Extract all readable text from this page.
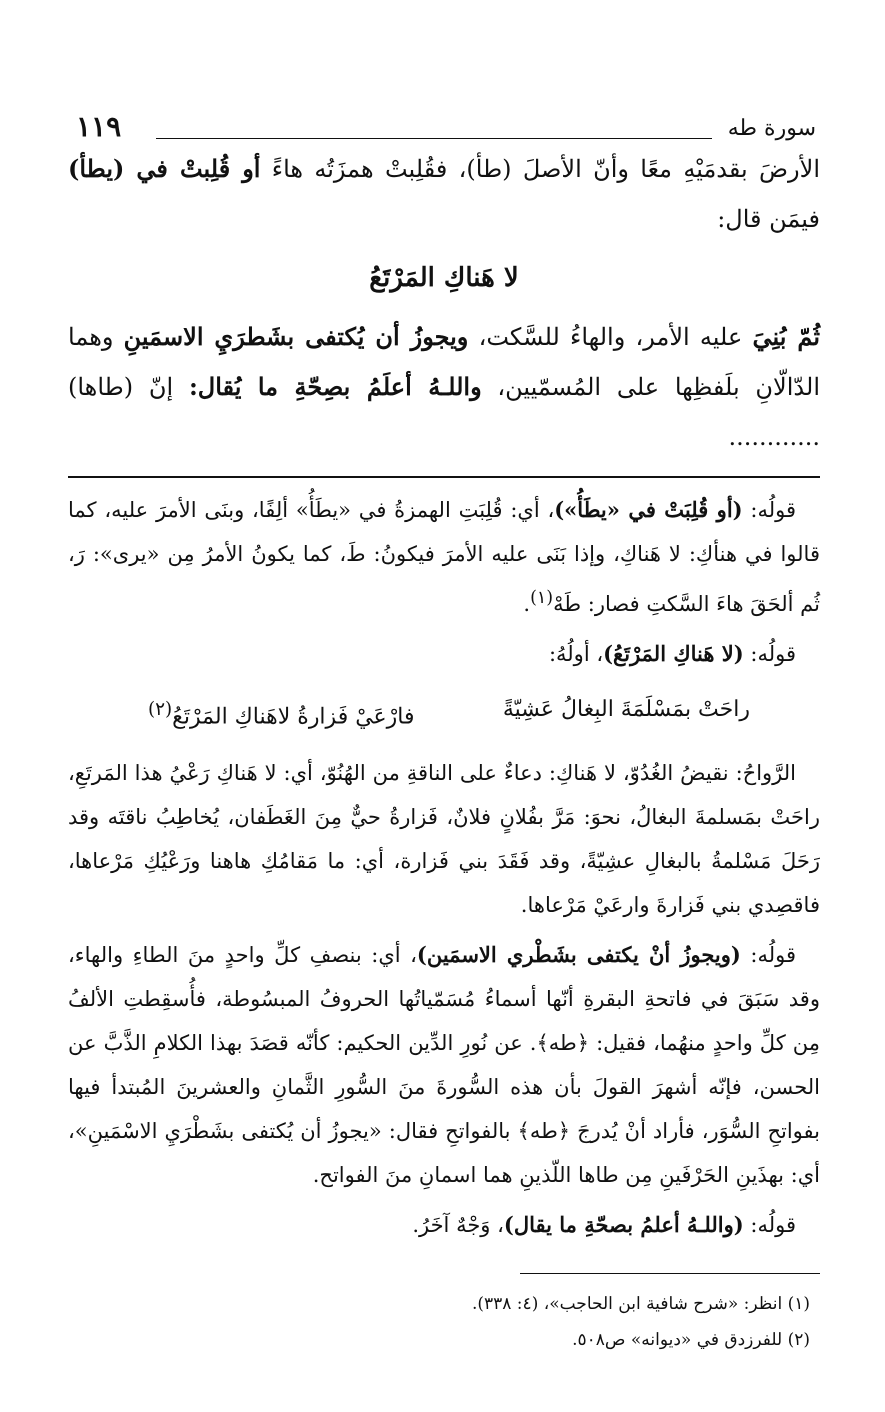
سورة طه
١١٩

الأرضَ بقدمَيْهِ معًا وأنّ الأصلَ (طأ)، فقُلِبتْ همزَتُه هاءً أو قُلِبتْ في (يطأ) فيمَن قال:

لا هَناكِ المَرْتَعُ

ثُمّ بُنِيَ عليه الأمر، والهاءُ للسَّكت، ويجوزُ أن يُكتفى بشَطرَيِ الاسمَينِ وهما الدّالّانِ بلَفظِها على المُسمّيين، واللـهُ أعلَمُ بصِحّةِ ما يُقال: إنّ (طاها) ............

قولُه: (أو قُلِبَتْ في «يطَأُ»)، أي: قُلِبَتِ الهمزةُ في «يطَأُ» ألِفًا، وبنَى الأمرَ عليه، كما قالوا في هنأكِ: لا هَناكِ، وإذا بَنَى عليه الأمرَ فيكونُ: طَ، كما يكونُ الأمرُ مِن «يرى»: رَ، ثُم ألحَقَ هاءَ السَّكتِ فصار: طَهْ$^{(١)}$.

قولُه: (لا هَناكِ المَرْتَعُ)، أولُهُ:

راحَتْ بمَسْلَمَةَ البِغالُ عَشِيّةً
فارْعَيْ فَزارةُ لاهَناكِ المَرْتَعُ$^{(٢)}$

الرَّواحُ: نقيضُ الغُدُوّ، لا هَناكِ: دعاءٌ على الناقةِ من الهُنُوّ، أي: لا هَناكِ رَعْيُ هذا المَرتَعِ، راحَتْ بمَسلمةَ البغالُ، نحوَ: مَرَّ بفُلانٍ فلانٌ، فَزارةُ حيٌّ مِنَ الغَطَفان، يُخاطِبُ ناقتَه وقد رَحَلَ مَسْلمةُ بالبغالِ عشِيّةً، وقد فَقَدَ بني فَزارة، أي: ما مَقامُكِ هاهنا ورَعْيُكِ مَرْعاها، فاقصِدي بني فَزارةَ وارعَيْ مَرْعاها.

قولُه: (ويجوزُ أنْ يكتفى بشَطْري الاسمَين)، أي: بنصفِ كلِّ واحدٍ منَ الطاءِ والهاء، وقد سَبَقَ في فاتحةِ البقرةِ أنّها أسماءُ مُسَمّياتُها الحروفُ المبسُوطة، فأُسقِطتِ الألفُ مِن كلِّ واحدٍ منهُما، فقيل: ﴿طه﴾. عن نُورِ الدِّين الحكيم: كأنّه قصَدَ بهذا الكلامِ الذَّبَّ عن الحسن، فإنّه أشهرَ القولَ بأن هذه السُّورةَ منَ السُّورِ الثَّمانِ والعشرينَ المُبتدأ فيها بفواتحِ السُّوَر، فأراد أنْ يُدرجَ ﴿طه﴾ بالفواتحِ فقال: «يجوزُ أن يُكتفى بشَطْرَيِ الاسْمَينِ»، أي: بهذَينِ الحَرْفَينِ مِن طاها اللّذينِ هما اسمانِ منَ الفواتح.

قولُه: (واللـهُ أعلمُ بصحّةِ ما يقال)، وَجْهٌ آخَرُ.

(١) انظر: «شرح شافية ابن الحاجب»، (٤: ٣٣٨).

(٢) للفرزدق في «ديوانه» ص٥٠٨.
